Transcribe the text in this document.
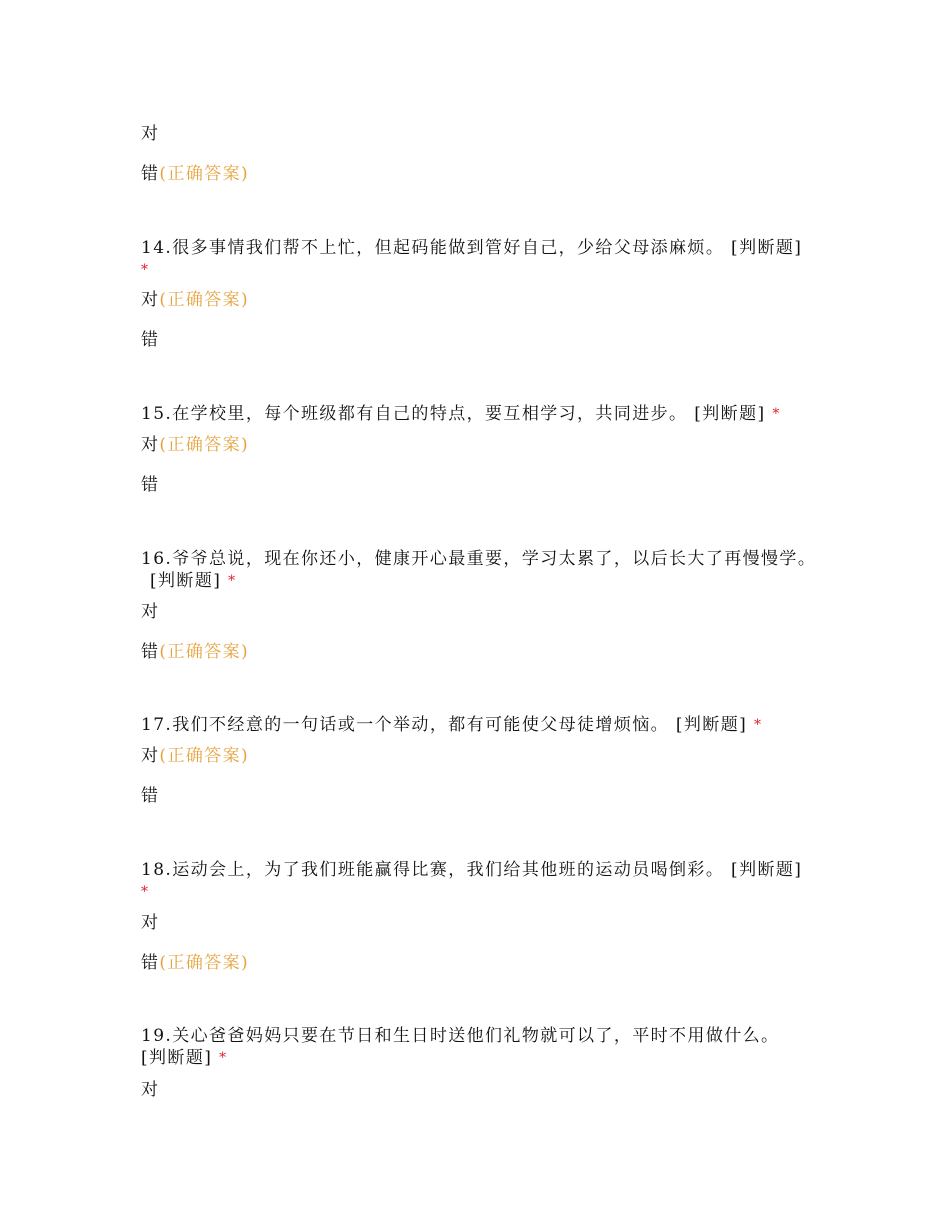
对
错(正确答案)
14.很多事情我们帮不上忙，但起码能做到管好自己，少给父母添麻烦。 [判断题]
*
对(正确答案)
错
15.在学校里，每个班级都有自己的特点，要互相学习，共同进步。 [判断题] *
对(正确答案)
错
16.爷爷总说，现在你还小，健康开心最重要，学习太累了，以后长大了再慢慢学。
[判断题] *
对
错(正确答案)
17.我们不经意的一句话或一个举动，都有可能使父母徒增烦恼。 [判断题] *
对(正确答案)
错
18.运动会上，为了我们班能赢得比赛，我们给其他班的运动员喝倒彩。 [判断题]
*
对
错(正确答案)
19.关心爸爸妈妈只要在节日和生日时送他们礼物就可以了，平时不用做什么。
[判断题] *
对
